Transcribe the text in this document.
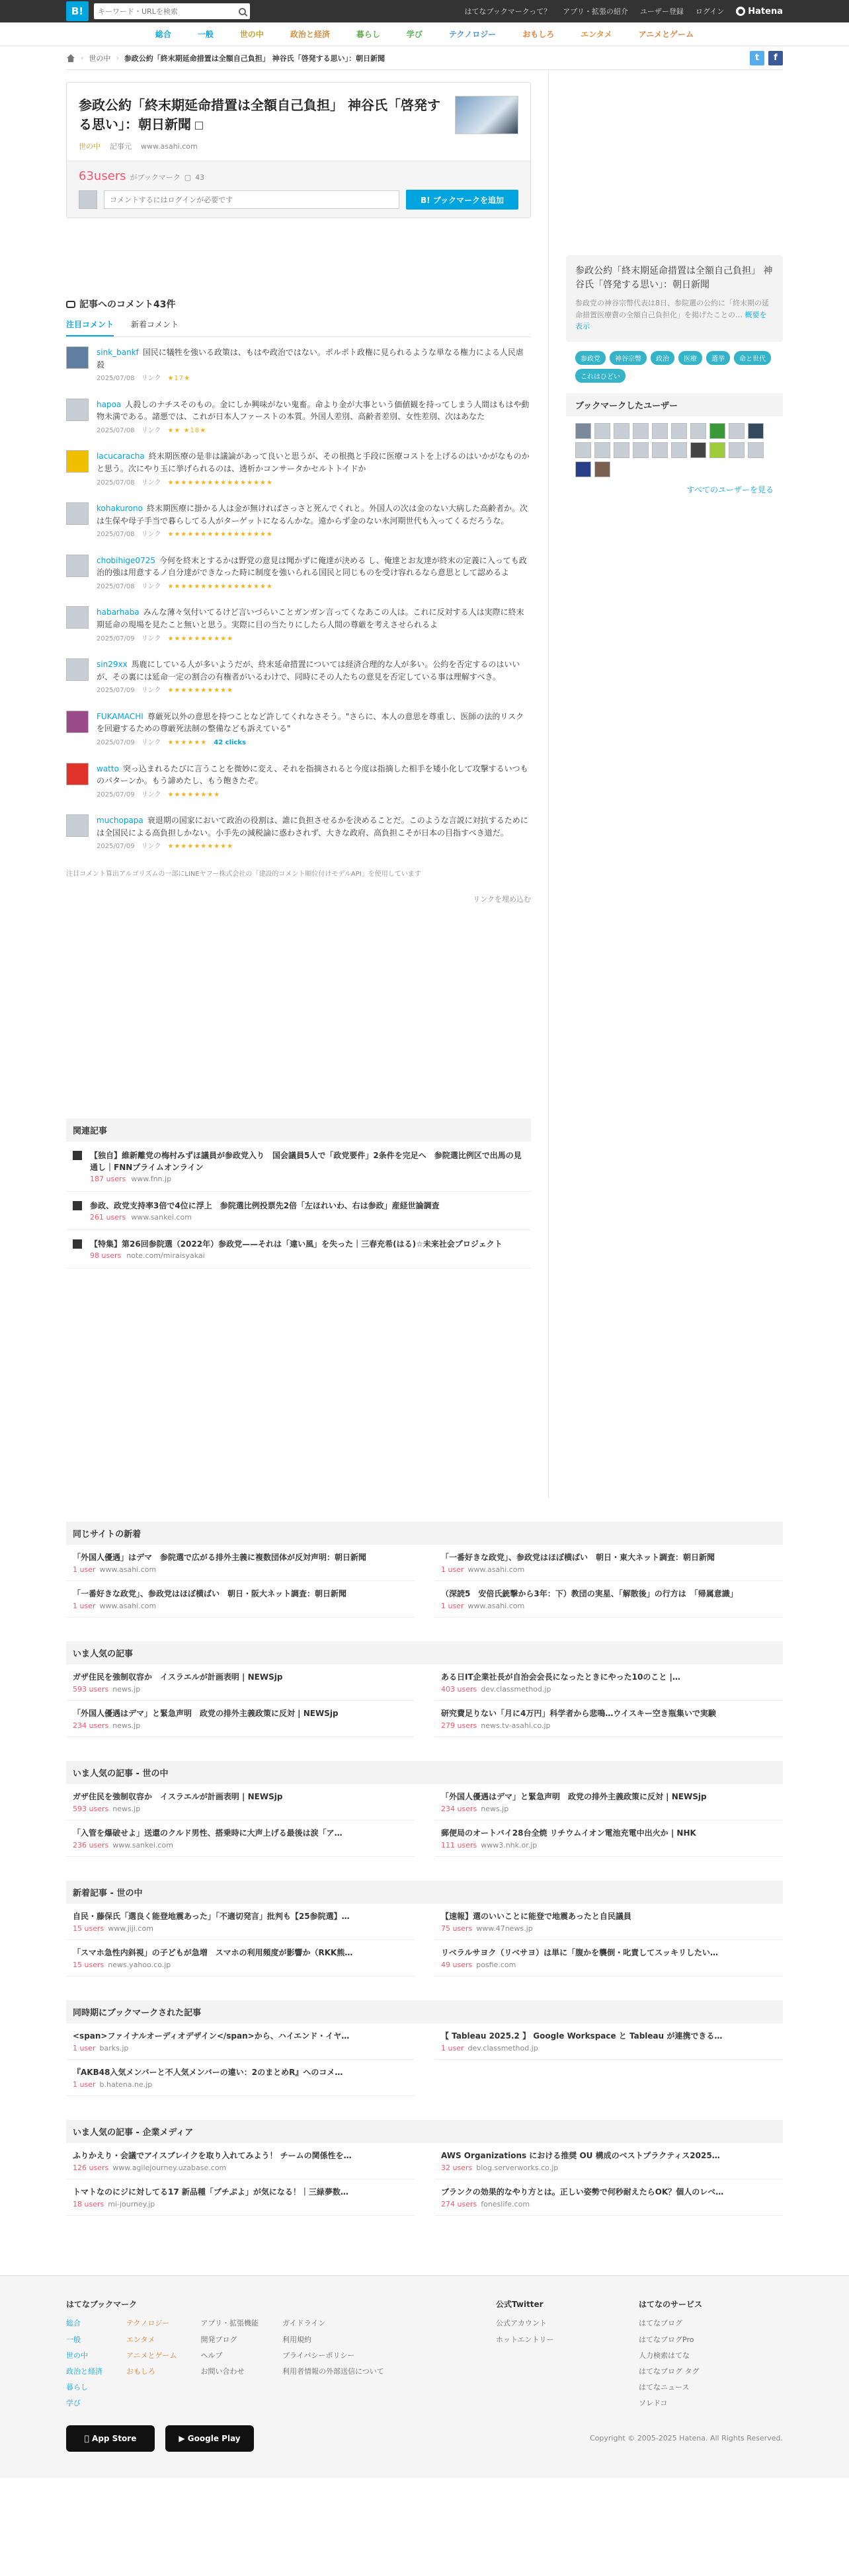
B!
キーワード・URLを検索	はてなブックマークって？ アプリ・拡張の紹介 ユーザー登録 ログイン ● Hatena
総合	一般	世の中	政治と経済	暮らし	学び	テクノロジー	おもしろ	エンタメ	アニメとゲーム
› 世の中 › 参政公約「終末期延命措置は全額自己負担」 神谷氏「啓発する思い」：朝日新聞	t	f
参政公約「終末期延命措置は全額自己負担」 神谷氏「啓発する思い」：朝日新聞
世の中 記事元 www.asahi.com
63users がブックマーク ▢ 43
コメントするにはログインが必要です
B! ブックマークを追加
記事へのコメント43件
注目コメント 新着コメント
sink_bankf 国民に犠牲を強いる政策は、もはや政治ではない。ポルポト政権に見られるような単なる権力による人民虐殺
2025/07/08 リンク ★17★
hapoa 人殺しのナチスそのもの。金にしか興味がない鬼畜。命より金が大事という価値観を持ってしまう人間はもはや動物未満である。諸悪では、これが日本人ファーストの本質。外国人差別、高齢者差別、女性差別、次はあなた
2025/07/08 リンク ★★ ★18★
lacucaracha 終末期医療の是非は議論があって良いと思うが、その根拠と手段に医療コストを上げるのはいかがなものかと思う。次にやり玉に挙げられるのは、透析かコンサータかセルトトイドか
2025/07/08 リンク ★★★★★★★★★★★★★★★★
kohakurono 終末期医療に掛かる人は金が無ければさっさと死んでくれと。外国人の次は金のない大病した高齢者か。次は生保や母子手当で暮らしてる人がターゲットになるんかな。遠からず金のない氷河期世代も入ってくるだろうな。
2025/07/08 リンク ★★★★★★★★★★★★★★★★
chobihige0725 今何を終末とするかは野党の意見は聞かずに俺達が決める し、俺達とお友達が終末の定義に入っても政治的強は用意するノ自分達ができなった時に制度を強いられる国民と同じものを受け容れるなら意思として認めるよ
2025/07/08 リンク ★★★★★★★★★★★★★★★★
habarhaba みんな薄々気付いてるけど言いづらいことガンガン言ってくなあこの人は。これに反対する人は実際に終末期延命の現場を見たこと無いと思う。実際に目の当たりにしたら人間の尊厳を考えさせられるよ
2025/07/09 リンク ★★★★★★★★★★
sin29xx 馬鹿にしている人が多いようだが、終末延命措置については経済合理的な人が多い。公約を否定するのはいいが、その裏には延命一定の割合の有権者がいるわけで、同時にその人たちの意見を否定している事は理解すべき。
2025/07/09 リンク ★★★★★★★★★★
FUKAMACHI 尊厳死以外の意思を持つことなど許してくれなさそう。"さらに、本人の意思を尊重し、医師の法的リスクを回避するための尊厳死法制の整備なども訴えている"
2025/07/09 リンク ★★★★★★ 42 clicks
watto 突っ込まれるたびに言うことを微妙に変え、それを指摘されると今度は指摘した相手を矮小化して攻撃するいつものパターンか。もう諦めたし、もう飽きたぞ。
2025/07/09 リンク ★★★★★★★★
muchopapa 衰退期の国家において政治の役割は、誰に負担させるかを決めることだ。このような言説に対抗するためには全国民による高負担しかない。小手先の減税論に惑わされず、大きな政府、高負担こそが日本の目指すべき道だ。
2025/07/09 リンク ★★★★★★★★★★
注目コメント算出アルゴリズムの一部にLINEヤフー株式会社の「建設的コメント順位付けモデルAPI」を使用しています
リンクを埋め込む
関連記事
【独自】維新離党の梅村みずほ議員が参政党入り　国会議員5人で「政党要件」2条件を完足へ　参院選比例区で出馬の見通し｜FNNプライムオンライン
187 users www.fnn.jp
参政、政党支持率3倍で4位に浮上　参院選比例投票先2倍「左ほれいわ、右は参政」産経世論調査
261 users www.sankei.com
【特集】第26回参院選（2022年）参政党——それは「違い風」を失った｜三春充希(はる)☆未来社会プロジェクト
98 users note.com/miraisyakai
参政公約「終末期延命措置は全額自己負担」 神谷氏「啓発する思い」：朝日新聞
参政党の神谷宗幣代表は8日、参院選の公約に「終末期の延命措置医療費の全額自己負担化」を掲げたことの… 概要を表示
参政党	神谷宗幣	政治	医療	選挙	命と世代
これはひどい
ブックマークしたユーザー
すべてのユーザーを見る
同じサイトの新着
「外国人優遇」はデマ　参院選で広がる排外主義に複数団体が反対声明：朝日新聞
1 user www.asahi.com
「一番好きな政党」、参政党はほぼ横ばい　朝日・東大ネット調査：朝日新聞
1 user www.asahi.com
「一番好きな政党」、参政党はほぼ横ばい　朝日・阪大ネット調査：朝日新聞
1 user www.asahi.com
（深読5　安倍氏銃撃から3年：下）教団の実星、「解散後」の行方は　「帰属意識」
1 user www.asahi.com
いま人気の記事
ガザ住民を強制収容か　イスラエルが計画表明 | NEWSjp
593 users news.jp
ある日IT企業社長が自治会会長になったときにやった10のこと |…
403 users dev.classmethod.jp
「外国人優遇はデマ」と緊急声明　政党の排外主義政策に反対 | NEWSjp
234 users news.jp
研究費足りない「月に4万円」科学者から悲鳴…ウイスキー空き瓶集いで実験
279 users news.tv-asahi.co.jp
いま人気の記事 - 世の中
ガザ住民を強制収容か　イスラエルが計画表明 | NEWSjp
593 users news.jp
「外国人優遇はデマ」と緊急声明　政党の排外主義政策に反対 | NEWSjp
234 users news.jp
「入管を爆破せよ」送還のクルド男性、搭乗時に大声上げる最後は涙「ア…
236 users www.sankei.com
郵便局のオートバイ28台全焼 リチウムイオン電池充電中出火か | NHK
111 users www3.nhk.or.jp
新着記事 - 世の中
自民・藤保氏「選良く能登地震あった」「不適切発言」批判も【25参院選】…
15 users www.jiji.com
【速報】選のいいことに能登で地震あったと自民議員
75 users www.47news.jp
「スマホ急性内斜視」の子どもが急増　スマホの利用頻度が影響か（RKK熊…
15 users news.yahoo.co.jp
リベラルサヨク（リベサヨ）は単に「腹かを襲倒・叱責してスッキリしたい…
49 users posfie.com
同時期にブックマークされた記事
<span>ファイナルオーディオデザイン</span>から、ハイエンド・イヤ…
1 user barks.jp
【 Tableau 2025.2 】 Google Workspace と Tableau が連携できる…
1 user dev.classmethod.jp
『AKB48入気メンバーと不人気メンバーの違い：2のまとめR』へのコメ…
1 user b.hatena.ne.jp
いま人気の記事 - 企業メディア
ふりかえり・会議でアイスブレイクを取り入れてみよう！ チームの関係性を…
126 users www.agilejourney.uzabase.com
AWS Organizations における推奨 OU 構成のベストプラクティス2025…
32 users blog.serverworks.co.jp
トマトなのにジに対してる17 新品種「プチぷよ」が気になる！｜三緑夢数…
18 users mi-journey.jp
ブランクの効果的なやり方とは。正しい姿勢で何秒耐えたらOK？個人のレベ…
274 users foneslife.com
はてなブックマーク
総合
一般
世の中
政治と経済
暮らし
学び
テクノロジー
エンタメ
アニメとゲーム
おもしろ
アプリ・拡張機能
開発ブログ
ヘルプ
お問い合わせ
ガイドライン
利用規約
プライバシーポリシー
利用者情報の外部送信について
公式Twitter
公式アカウント
ホットエントリー
はてなのサービス
はてなブログ
はてなブログPro
人力検索はてな
はてなブログ タグ
はてなニュース
ソレドコ

App Store	▶
Google Play	Copyright © 2005-2025 Hatena. All Rights Reserved.
